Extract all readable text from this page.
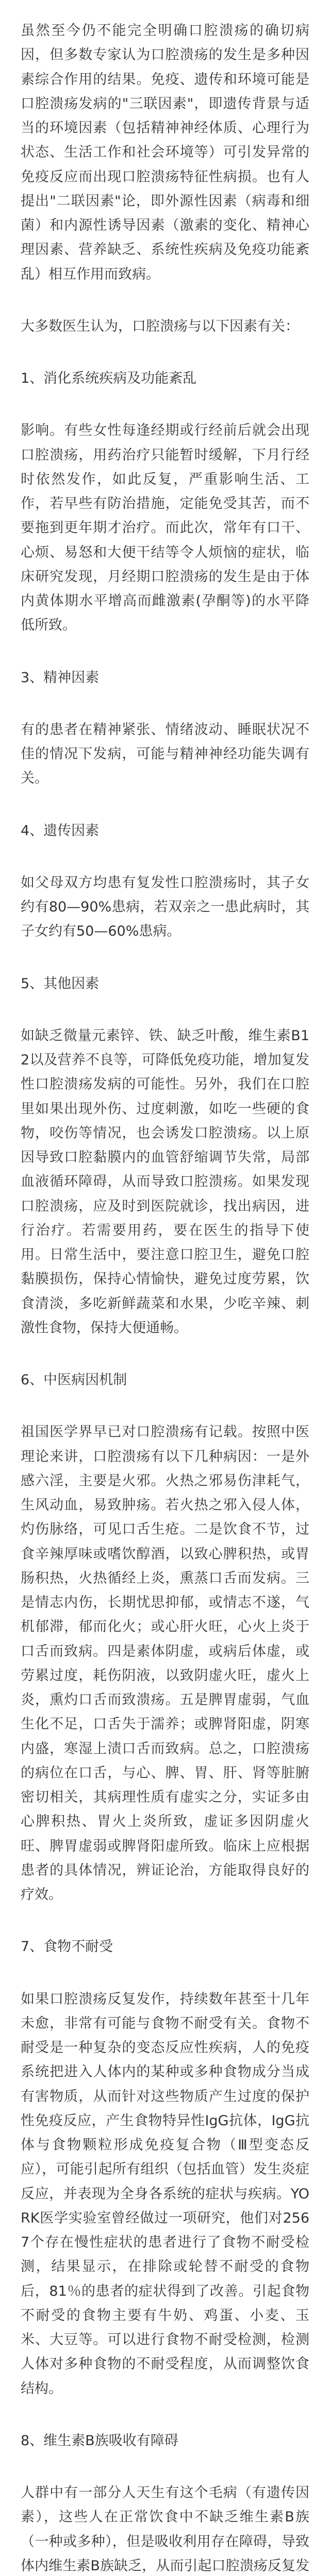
虽然至今仍不能完全明确口腔溃疡的确切病因，但多数专家认为口腔溃疡的发生是多种因素综合作用的结果。免疫、遗传和环境可能是口腔溃疡发病的"三联因素"，即遗传背景与适当的环境因素（包括精神神经体质、心理行为状态、生活工作和社会环境等）可引发异常的免疫反应而出现口腔溃疡特征性病损。也有人提出"二联因素"论，即外源性因素（病毒和细菌）和内源性诱导因素（激素的变化、精神心理因素、营养缺乏、系统性疾病及免疫功能紊乱）相互作用而致病。

大多数医生认为，口腔溃疡与以下因素有关：

1、消化系统疾病及功能紊乱

影响。有些女性每逢经期或行经前后就会出现口腔溃疡，用药治疗只能暂时缓解，下月行经时依然发作，如此反复，严重影响生活、工作，若早些有防治措施，定能免受其苦，而不要拖到更年期才治疗。而此次，常年有口干、心烦、易怒和大便干结等令人烦恼的症状，临床研究发现，月经期口腔溃疡的发生是由于体内黄体期水平增高而雌激素(孕酮等)的水平降低所致。

3、精神因素

有的患者在精神紧张、情绪波动、睡眠状况不佳的情况下发病，可能与精神神经功能失调有关。

4、遗传因素

如父母双方均患有复发性口腔溃疡时，其子女约有80—90%患病，若双亲之一患此病时，其子女约有50—60%患病。

5、其他因素

如缺乏微量元素锌、铁、缺乏叶酸，维生素B12以及营养不良等，可降低免疫功能，增加复发性口腔溃疡发病的可能性。另外，我们在口腔里如果出现外伤、过度刺激，如吃一些硬的食物，咬伤等情况，也会诱发口腔溃疡。以上原因导致口腔黏膜内的血管舒缩调节失常，局部血液循环障碍，从而导致口腔溃疡。如果发现口腔溃疡，应及时到医院就诊，找出病因，进行治疗。若需要用药，要在医生的指导下使用。日常生活中，要注意口腔卫生，避免口腔黏膜损伤，保持心情愉快，避免过度劳累，饮食清淡，多吃新鲜蔬菜和水果，少吃辛辣、刺激性食物，保持大便通畅。

6、中医病因机制

祖国医学界早已对口腔溃疡有记载。按照中医理论来讲，口腔溃疡有以下几种病因：一是外感六淫，主要是火邪。火热之邪易伤津耗气，生风动血，易致肿疡。若火热之邪入侵人体，灼伤脉络，可见口舌生疮。二是饮食不节，过食辛辣厚味或嗜饮醇酒，以致心脾积热，或胃肠积热，火热循经上炎，熏蒸口舌而发病。三是情志内伤，长期忧思抑郁，或情志不遂，气机郁滞，郁而化火；或心肝火旺，心火上炎于口舌而致病。四是素体阴虚，或病后体虚，或劳累过度，耗伤阴液，以致阴虚火旺，虚火上炎，熏灼口舌而致溃疡。五是脾胃虚弱，气血生化不足，口舌失于濡养；或脾肾阳虚，阴寒内盛，寒湿上渍口舌而致病。总之，口腔溃疡的病位在口舌，与心、脾、胃、肝、肾等脏腑密切相关，其病理性质有虚实之分，实证多由心脾积热、胃火上炎所致，虚证多因阴虚火旺、脾胃虚弱或脾肾阳虚所致。临床上应根据患者的具体情况，辨证论治，方能取得良好的疗效。

7、食物不耐受

如果口腔溃疡反复发作，持续数年甚至十几年未愈，非常有可能与食物不耐受有关。食物不耐受是一种复杂的变态反应性疾病，人的免疫系统把进入人体内的某种或多种食物成分当成有害物质，从而针对这些物质产生过度的保护性免疫反应，产生食物特异性IgG抗体，IgG抗体与食物颗粒形成免疫复合物（Ⅲ型变态反应），可能引起所有组织（包括血管）发生炎症反应，并表现为全身各系统的症状与疾病。YORK医学实验室曾经做过一项研究，他们对2567个存在慢性症状的患者进行了食物不耐受检测，结果显示，在排除或轮替不耐受的食物后，81％的患者的症状得到了改善。引起食物不耐受的食物主要有牛奶、鸡蛋、小麦、玉米、大豆等。可以进行食物不耐受检测，检测人体对多种食物的不耐受程度，从而调整饮食结构。

8、维生素B族吸收有障碍

人群中有一部分人天生有这个毛病（有遗传因素），这些人在正常饮食中不缺乏维生素B族（一种或多种），但是吸收利用存在障碍，导致体内维生素B族缺乏，从而引起口腔溃疡反复发
